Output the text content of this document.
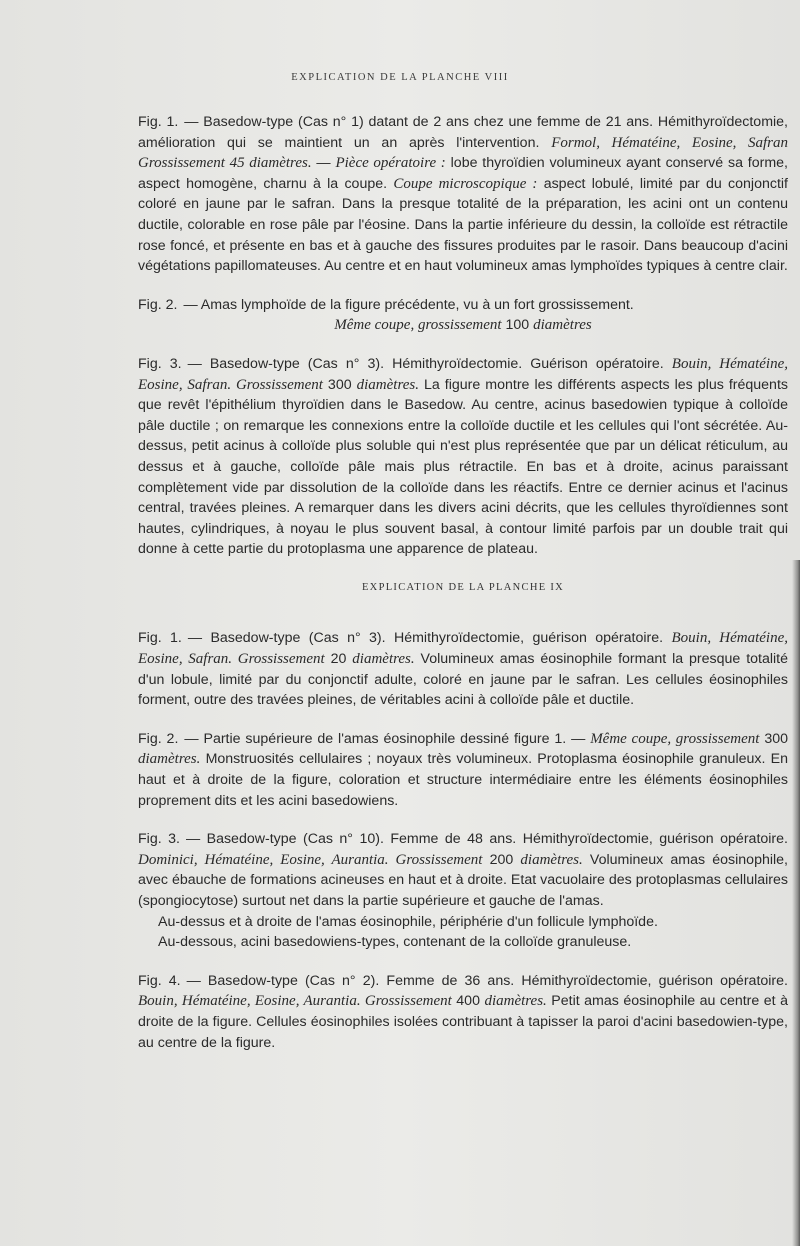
EXPLICATION DE LA PLANCHE VIII

Fig. 1. — Basedow-type (Cas n° 1) datant de 2 ans chez une femme de 21 ans. Hémithyroïdectomie, amélioration qui se maintient un an après l'intervention. Formol, Hématéine, Eosine, Safran Grossissement 45 diamètres. — Pièce opératoire : lobe thyroïdien volumineux ayant conservé sa forme, aspect homogène, charnu à la coupe. Coupe microscopique : aspect lobulé, limité par du conjonctif coloré en jaune par le safran. Dans la presque totalité de la préparation, les acini ont un contenu ductile, colorable en rose pâle par l'éosine. Dans la partie inférieure du dessin, la colloïde est rétractile rose foncé, et présente en bas et à gauche des fissures produites par le rasoir. Dans beaucoup d'acini végétations papillomateuses. Au centre et en haut volumineux amas lymphoïdes typiques à centre clair.

Fig. 2. — Amas lymphoïde de la figure précédente, vu à un fort grossissement.

Même coupe, grossissement 100 diamètres

Fig. 3. — Basedow-type (Cas n° 3). Hémithyroïdectomie. Guérison opératoire. Bouin, Hématéine, Eosine, Safran. Grossissement 300 diamètres. La figure montre les différents aspects les plus fréquents que revêt l'épithélium thyroïdien dans le Basedow. Au centre, acinus basedowien typique à colloïde pâle ductile ; on remarque les connexions entre la colloïde ductile et les cellules qui l'ont sécrétée. Au-dessus, petit acinus à colloïde plus soluble qui n'est plus représentée que par un délicat réticulum, au dessus et à gauche, colloïde pâle mais plus rétractile. En bas et à droite, acinus paraissant complètement vide par dissolution de la colloïde dans les réactifs. Entre ce dernier acinus et l'acinus central, travées pleines. A remarquer dans les divers acini décrits, que les cellules thyroïdiennes sont hautes, cylindriques, à noyau le plus souvent basal, à contour limité parfois par un double trait qui donne à cette partie du protoplasma une apparence de plateau.

EXPLICATION DE LA PLANCHE IX

Fig. 1. — Basedow-type (Cas n° 3). Hémithyroïdectomie, guérison opératoire. Bouin, Hématéine, Eosine, Safran. Grossissement 20 diamètres. Volumineux amas éosinophile formant la presque totalité d'un lobule, limité par du conjonctif adulte, coloré en jaune par le safran. Les cellules éosinophiles forment, outre des travées pleines, de véritables acini à colloïde pâle et ductile.

Fig. 2. — Partie supérieure de l'amas éosinophile dessiné figure 1. — Même coupe, grossissement 300 diamètres. Monstruosités cellulaires ; noyaux très volumineux. Protoplasma éosinophile granuleux. En haut et à droite de la figure, coloration et structure intermédiaire entre les éléments éosinophiles proprement dits et les acini basedowiens.

Fig. 3. — Basedow-type (Cas n° 10). Femme de 48 ans. Hémithyroïdectomie, guérison opératoire. Dominici, Hématéine, Eosine, Aurantia. Grossissement 200 diamètres. Volumineux amas éosinophile, avec ébauche de formations acineuses en haut et à droite. Etat vacuolaire des protoplasmas cellulaires (spongiocytose) surtout net dans la partie supérieure et gauche de l'amas.

Au-dessus et à droite de l'amas éosinophile, périphérie d'un follicule lymphoïde.

Au-dessous, acini basedowiens-types, contenant de la colloïde granuleuse.

Fig. 4. — Basedow-type (Cas n° 2). Femme de 36 ans. Hémithyroïdectomie, guérison opératoire. Bouin, Hématéine, Eosine, Aurantia. Grossissement 400 diamètres. Petit amas éosinophile au centre et à droite de la figure. Cellules éosinophiles isolées contribuant à tapisser la paroi d'acini basedowien-type, au centre de la figure.
